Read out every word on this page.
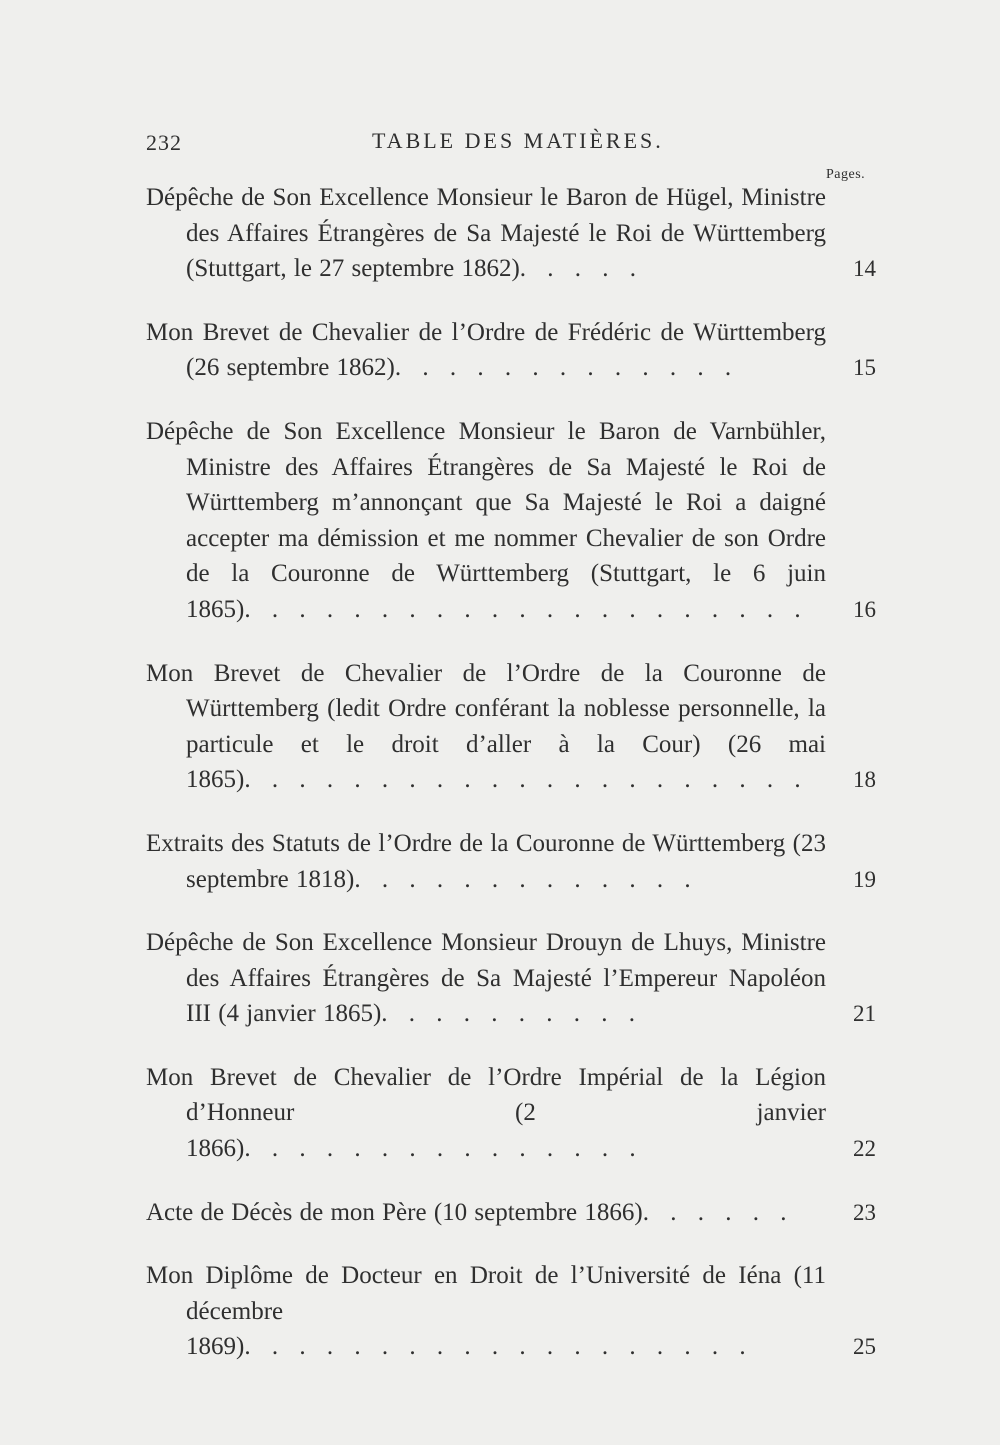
232	TABLE DES MATIÈRES.
Pages.
Dépêche de Son Excellence Monsieur le Baron de Hügel, Ministre des Affaires Étrangères de Sa Majesté le Roi de Württemberg (Stuttgart, le 27 septembre 1862). . . . .	14
Mon Brevet de Chevalier de l’Ordre de Frédéric de Württemberg (26 septembre 1862). . . . . . . . . . . . .	15
Dépêche de Son Excellence Monsieur le Baron de Varnbühler, Ministre des Affaires Étrangères de Sa Majesté le Roi de Württemberg m’annonçant que Sa Majesté le Roi a daigné accepter ma démission et me nommer Chevalier de son Ordre de la Couronne de Württemberg (Stuttgart, le 6 juin 1865). . . . . . . . . . . . . . . . . . . . .	16
Mon Brevet de Chevalier de l’Ordre de la Couronne de Württemberg (ledit Ordre conférant la noblesse personnelle, la particule et le droit d’aller à la Cour) (26 mai 1865). . . . . . . . . . . . . . . . . . . . .	18
Extraits des Statuts de l’Ordre de la Couronne de Württemberg (23 septembre 1818). . . . . . . . . . . . .	19
Dépêche de Son Excellence Monsieur Drouyn de Lhuys, Ministre des Affaires Étrangères de Sa Majesté l’Empereur Napoléon III (4 janvier 1865). . . . . . . . . .	21
Mon Brevet de Chevalier de l’Ordre Impérial de la Légion d’Honneur (2 janvier 1866). . . . . . . . . . . . . . .	22
Acte de Décès de mon Père (10 septembre 1866). . . . . .	23
Mon Diplôme de Docteur en Droit de l’Université de Iéna (11 décembre 1869). . . . . . . . . . . . . . . . . . .	25
